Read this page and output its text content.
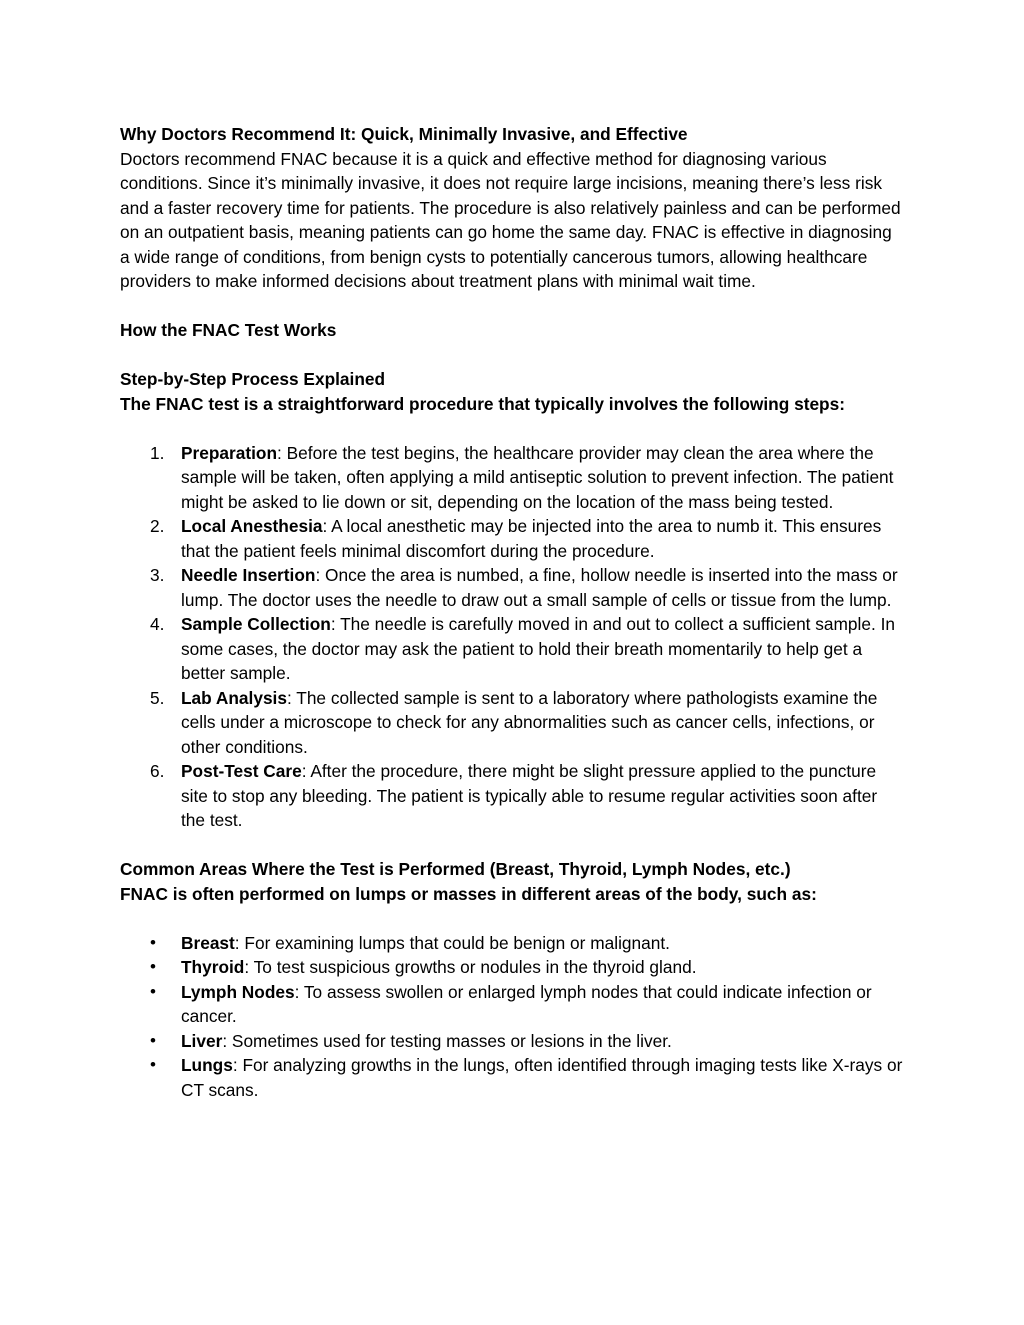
Why Doctors Recommend It: Quick, Minimally Invasive, and Effective

Doctors recommend FNAC because it is a quick and effective method for diagnosing various conditions. Since it’s minimally invasive, it does not require large incisions, meaning there’s less risk and a faster recovery time for patients. The procedure is also relatively painless and can be performed on an outpatient basis, meaning patients can go home the same day. FNAC is effective in diagnosing a wide range of conditions, from benign cysts to potentially cancerous tumors, allowing healthcare providers to make informed decisions about treatment plans with minimal wait time.

How the FNAC Test Works

Step-by-Step Process Explained

The FNAC test is a straightforward procedure that typically involves the following steps:

1. Preparation: Before the test begins, the healthcare provider may clean the area where the sample will be taken, often applying a mild antiseptic solution to prevent infection. The patient might be asked to lie down or sit, depending on the location of the mass being tested.
2. Local Anesthesia: A local anesthetic may be injected into the area to numb it. This ensures that the patient feels minimal discomfort during the procedure.
3. Needle Insertion: Once the area is numbed, a fine, hollow needle is inserted into the mass or lump. The doctor uses the needle to draw out a small sample of cells or tissue from the lump.
4. Sample Collection: The needle is carefully moved in and out to collect a sufficient sample. In some cases, the doctor may ask the patient to hold their breath momentarily to help get a better sample.
5. Lab Analysis: The collected sample is sent to a laboratory where pathologists examine the cells under a microscope to check for any abnormalities such as cancer cells, infections, or other conditions.
6. Post-Test Care: After the procedure, there might be slight pressure applied to the puncture site to stop any bleeding. The patient is typically able to resume regular activities soon after the test.

Common Areas Where the Test is Performed (Breast, Thyroid, Lymph Nodes, etc.)

FNAC is often performed on lumps or masses in different areas of the body, such as:

•	Breast: For examining lumps that could be benign or malignant.
•	Thyroid: To test suspicious growths or nodules in the thyroid gland.
•	Lymph Nodes: To assess swollen or enlarged lymph nodes that could indicate infection or cancer.
•	Liver: Sometimes used for testing masses or lesions in the liver.
•	Lungs: For analyzing growths in the lungs, often identified through imaging tests like X-rays or CT scans.
